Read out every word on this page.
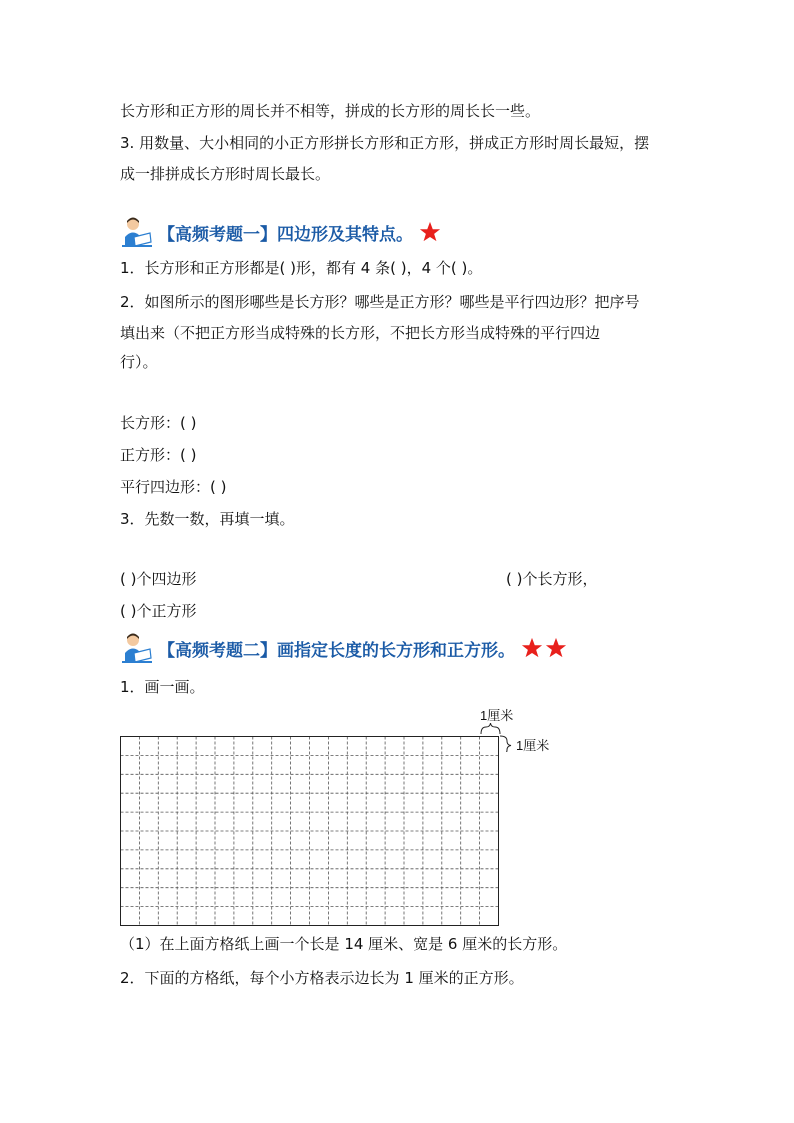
长方形和正方形的周长并不相等，拼成的长方形的周长长一些。
3. 用数量、大小相同的小正方形拼长方形和正方形，拼成正方形时周长最短，摆
成一排拼成长方形时周长最长。
【高频考题一】四边形及其特点。
1．长方形和正方形都是( )形，都有 4 条( )，4 个( )。
2．如图所示的图形哪些是长方形？哪些是正方形？哪些是平行四边形？把序号
填出来（不把正方形当成特殊的长方形，不把长方形当成特殊的平行四边
行）。
长方形：( )
正方形：( )
平行四边形：( )
3．先数一数，再填一填。
( )个四边形	( )个长方形，
( )个正方形
【高频考题二】画指定长度的长方形和正方形。
1．画一画。
1厘米
1厘米
（1）在上面方格纸上画一个长是 14 厘米、宽是 6 厘米的长方形。
2．下面的方格纸，每个小方格表示边长为 1 厘米的正方形。
